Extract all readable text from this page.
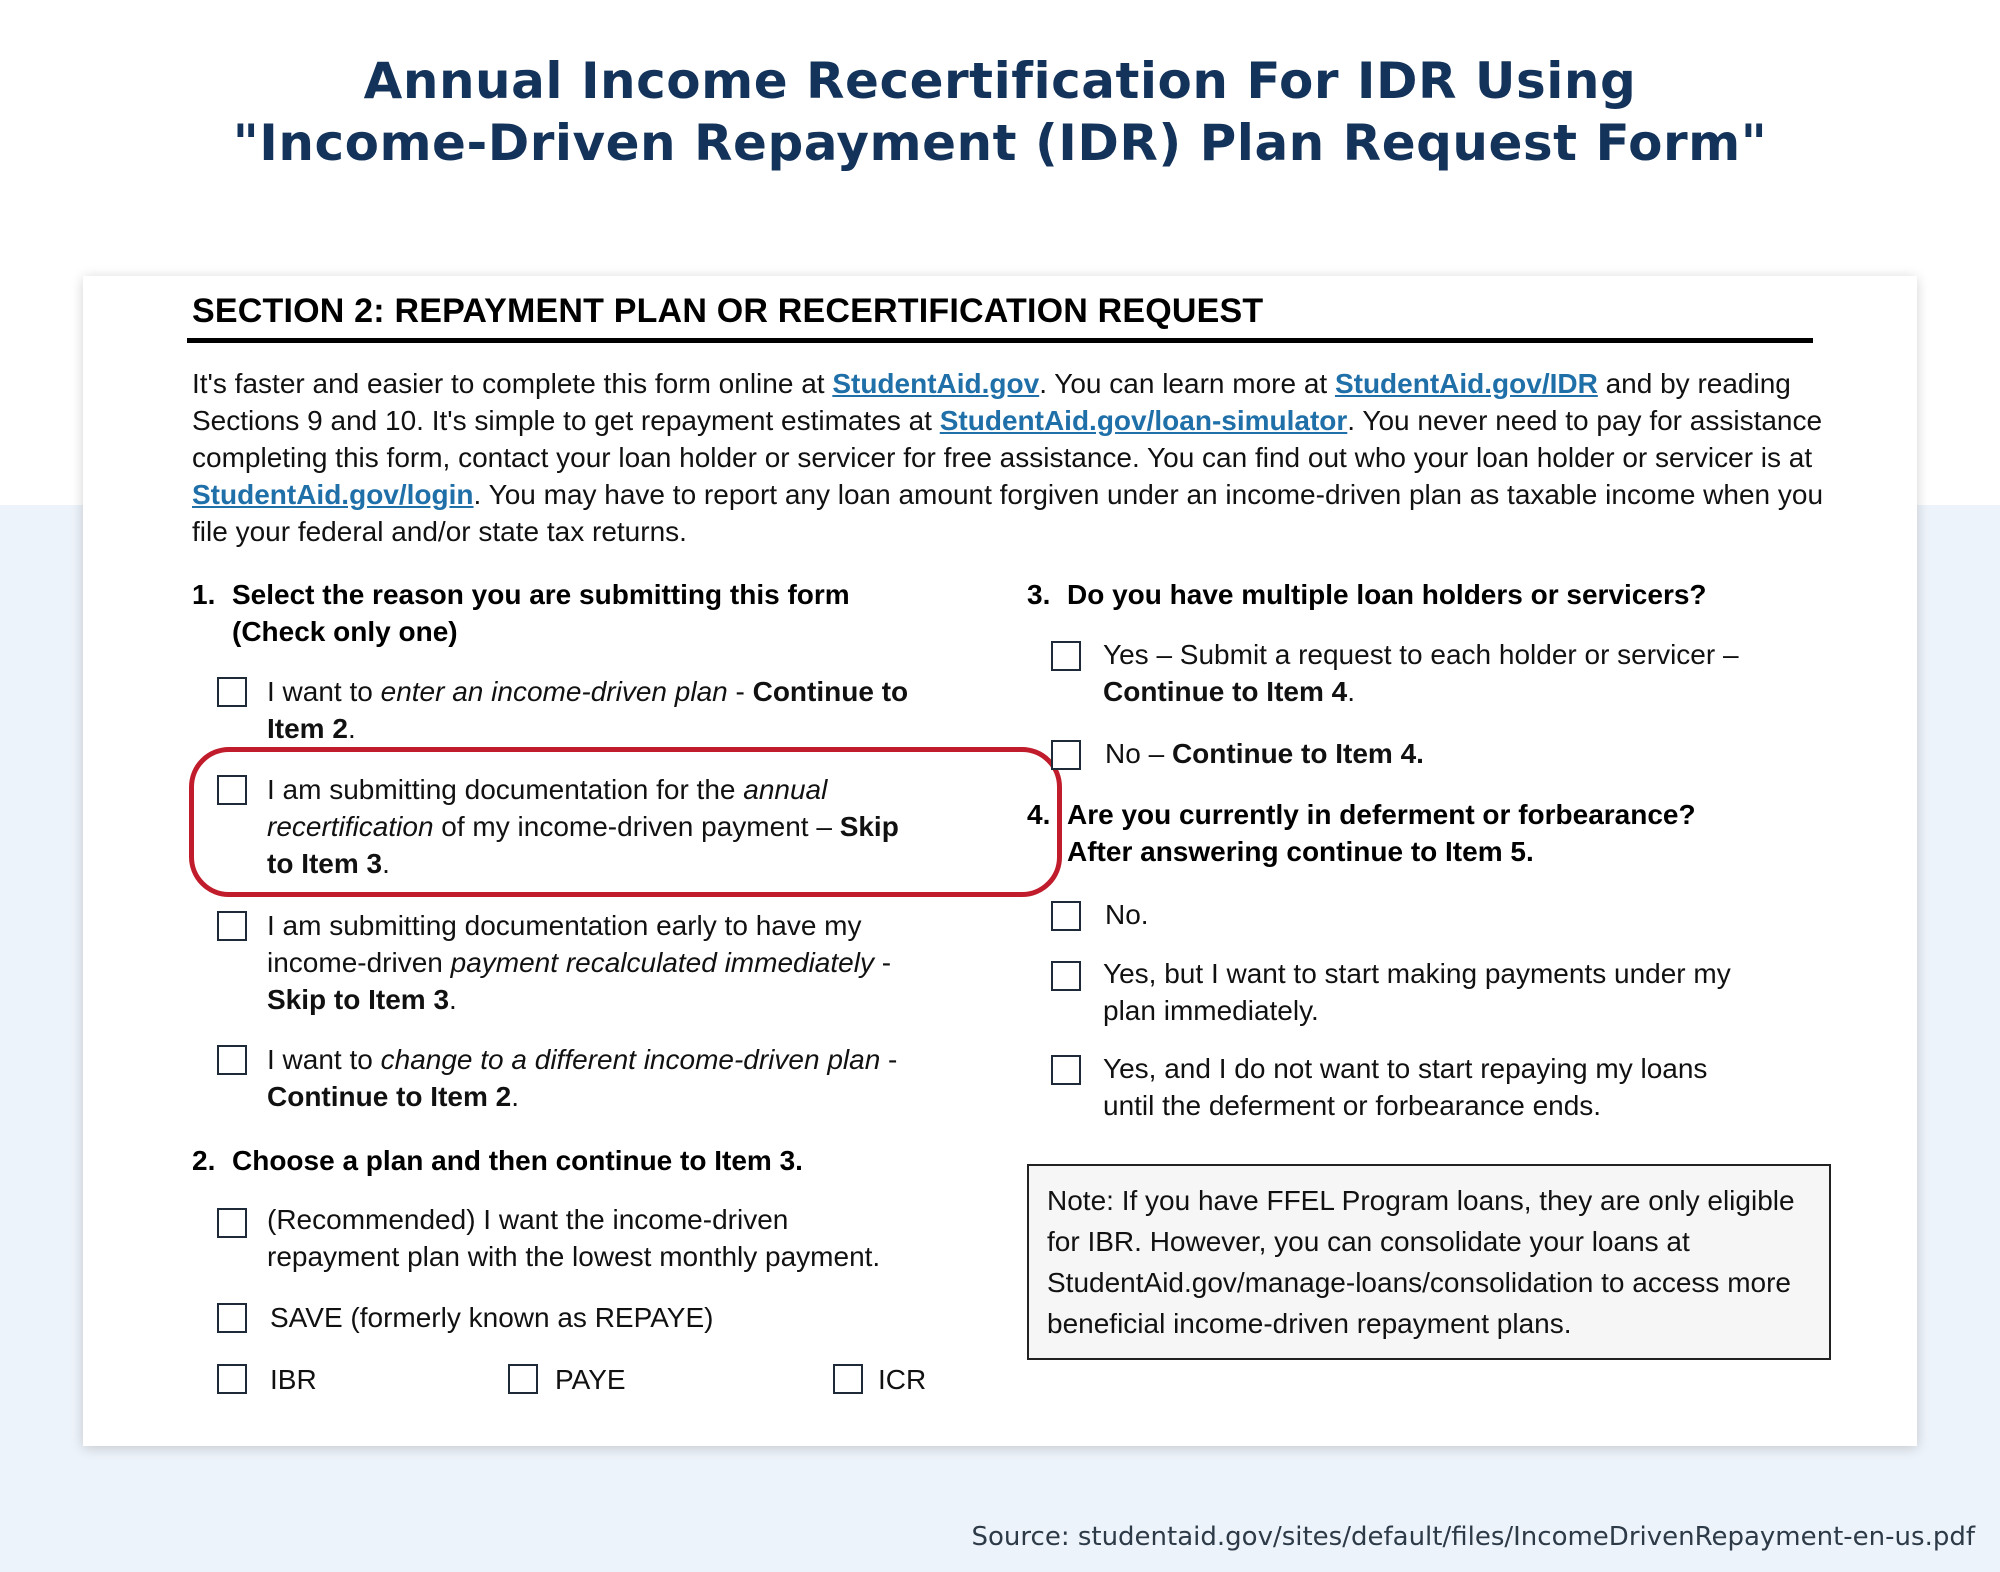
Annual Income Recertification For IDR Using
"Income-Driven Repayment (IDR) Plan Request Form"
SECTION 2: REPAYMENT PLAN OR RECERTIFICATION REQUEST
It's faster and easier to complete this form online at StudentAid.gov. You can learn more at StudentAid.gov/IDR and by reading Sections 9 and 10. It's simple to get repayment estimates at StudentAid.gov/loan-simulator. You never need to pay for assistance completing this form, contact your loan holder or servicer for free assistance. You can find out who your loan holder or servicer is at StudentAid.gov/login. You may have to report any loan amount forgiven under an income-driven plan as taxable income when you file your federal and/or state tax returns.
1. Select the reason you are submitting this form
(Check only one)
I want to enter an income-driven plan - Continue to
Item 2.
I am submitting documentation for the annual
recertification of my income-driven payment – Skip
to Item 3.
I am submitting documentation early to have my
income-driven payment recalculated immediately -
Skip to Item 3.
I want to change to a different income-driven plan -
Continue to Item 2.
2. Choose a plan and then continue to Item 3.
(Recommended) I want the income-driven
repayment plan with the lowest monthly payment.
SAVE (formerly known as REPAYE)
IBR	PAYE	ICR
3. Do you have multiple loan holders or servicers?
Yes – Submit a request to each holder or servicer –
Continue to Item 4.
No – Continue to Item 4.
4. Are you currently in deferment or forbearance?
After answering continue to Item 5.
No.
Yes, but I want to start making payments under my
plan immediately.
Yes, and I do not want to start repaying my loans
until the deferment or forbearance ends.
Note: If you have FFEL Program loans, they are only eligible for IBR. However, you can consolidate your loans at StudentAid.gov/manage-loans/consolidation to access more beneficial income-driven repayment plans.
Source: studentaid.gov/sites/default/files/IncomeDrivenRepayment-en-us.pdf
